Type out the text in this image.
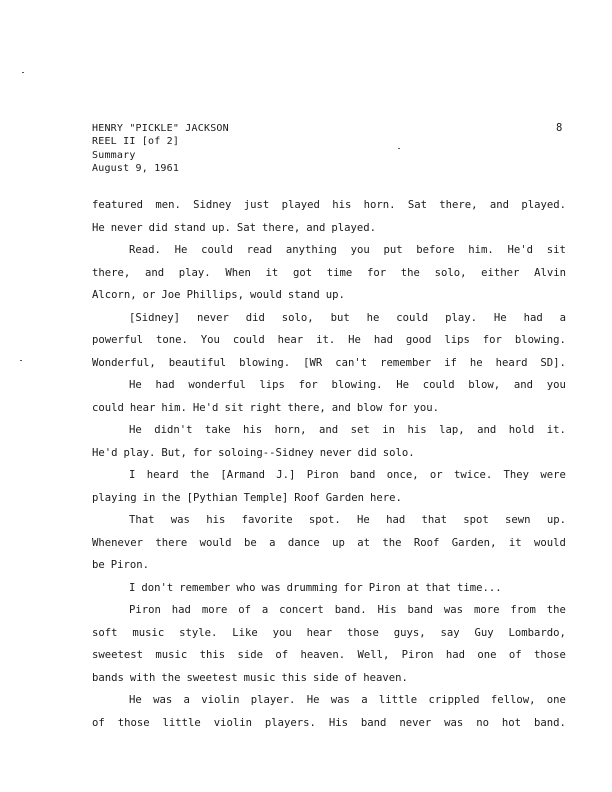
HENRY "PICKLE" JACKSON
REEL II [of 2]
Summary
August 9, 1961
8
featured men. Sidney just played his horn. Sat there, and played.
He never did stand up. Sat there, and played.
Read. He could read anything you put before him. He'd sit
there, and play. When it got time for the solo, either Alvin
Alcorn, or Joe Phillips, would stand up.
[Sidney] never did solo, but he could play. He had a
powerful tone. You could hear it. He had good lips for blowing.
Wonderful, beautiful blowing. [WR can't remember if he heard SD].
He had wonderful lips for blowing. He could blow, and you
could hear him. He'd sit right there, and blow for you.
He didn't take his horn, and set in his lap, and hold it.
He'd play. But, for soloing--Sidney never did solo.
I heard the [Armand J.] Piron band once, or twice. They were
playing in the [Pythian Temple] Roof Garden here.
That was his favorite spot. He had that spot sewn up.
Whenever there would be a dance up at the Roof Garden, it would
be Piron.
I don't remember who was drumming for Piron at that time...
Piron had more of a concert band. His band was more from the
soft music style. Like you hear those guys, say Guy Lombardo,
sweetest music this side of heaven. Well, Piron had one of those
bands with the sweetest music this side of heaven.
He was a violin player. He was a little crippled fellow, one
of those little violin players. His band never was no hot band.
